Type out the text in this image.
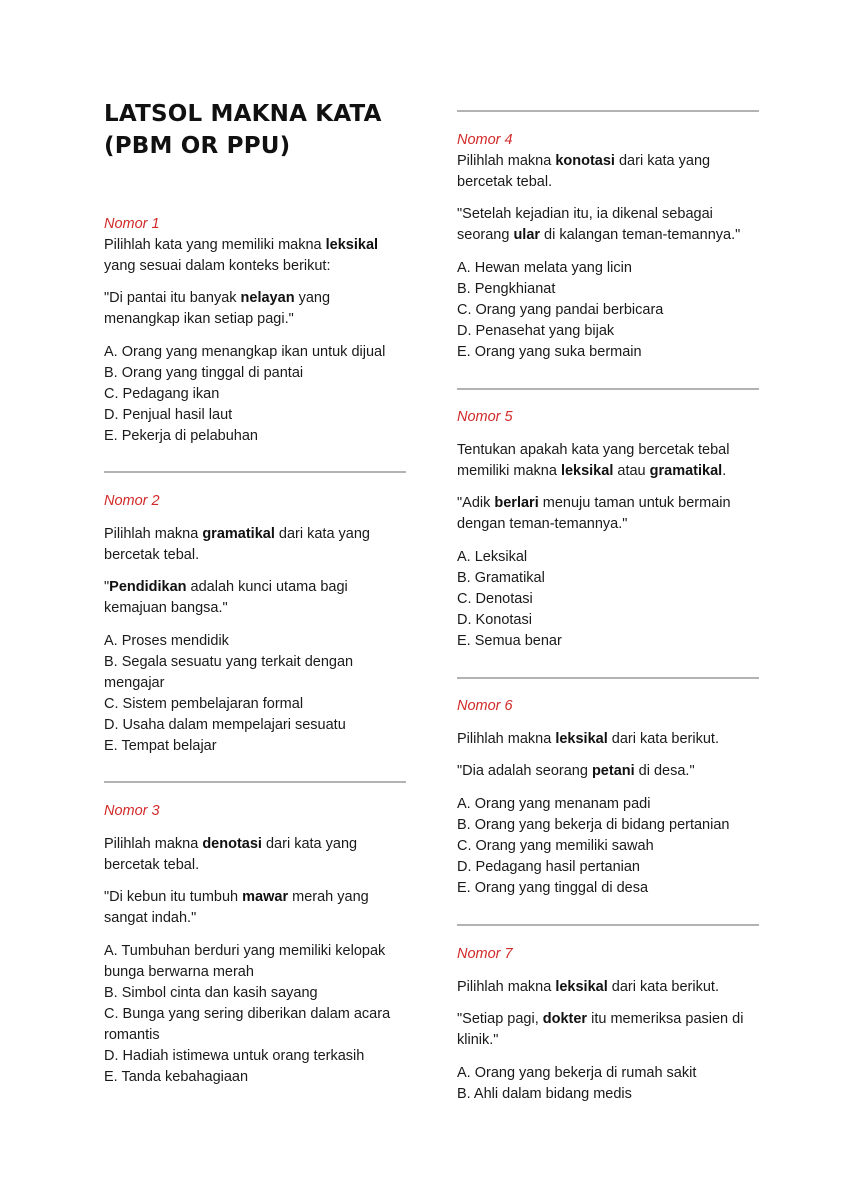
LATSOL MAKNA KATA
(PBM OR PPU)
Nomor 1

Pilihlah kata yang memiliki makna leksikal yang sesuai dalam konteks berikut:

"Di pantai itu banyak nelayan yang menangkap ikan setiap pagi."

A. Orang yang menangkap ikan untuk dijual
B. Orang yang tinggal di pantai
C. Pedagang ikan
D. Penjual hasil laut
E. Pekerja di pelabuhan
Nomor 2

Pilihlah makna gramatikal dari kata yang bercetak tebal.

"Pendidikan adalah kunci utama bagi kemajuan bangsa."

A. Proses mendidik
B. Segala sesuatu yang terkait dengan mengajar
C. Sistem pembelajaran formal
D. Usaha dalam mempelajari sesuatu
E. Tempat belajar
Nomor 3

Pilihlah makna denotasi dari kata yang bercetak tebal.

"Di kebun itu tumbuh mawar merah yang sangat indah."

A. Tumbuhan berduri yang memiliki kelopak bunga berwarna merah
B. Simbol cinta dan kasih sayang
C. Bunga yang sering diberikan dalam acara romantis
D. Hadiah istimewa untuk orang terkasih
E. Tanda kebahagiaan
Nomor 4

Pilihlah makna konotasi dari kata yang bercetak tebal.

"Setelah kejadian itu, ia dikenal sebagai seorang ular di kalangan teman-temannya."

A. Hewan melata yang licin
B. Pengkhianat
C. Orang yang pandai berbicara
D. Penasehat yang bijak
E. Orang yang suka bermain
Nomor 5

Tentukan apakah kata yang bercetak tebal memiliki makna leksikal atau gramatikal.

"Adik berlari menuju taman untuk bermain dengan teman-temannya."

A. Leksikal
B. Gramatikal
C. Denotasi
D. Konotasi
E. Semua benar
Nomor 6

Pilihlah makna leksikal dari kata berikut.

"Dia adalah seorang petani di desa."

A. Orang yang menanam padi
B. Orang yang bekerja di bidang pertanian
C. Orang yang memiliki sawah
D. Pedagang hasil pertanian
E. Orang yang tinggal di desa
Nomor 7

Pilihlah makna leksikal dari kata berikut.

"Setiap pagi, dokter itu memeriksa pasien di klinik."

A. Orang yang bekerja di rumah sakit
B. Ahli dalam bidang medis
